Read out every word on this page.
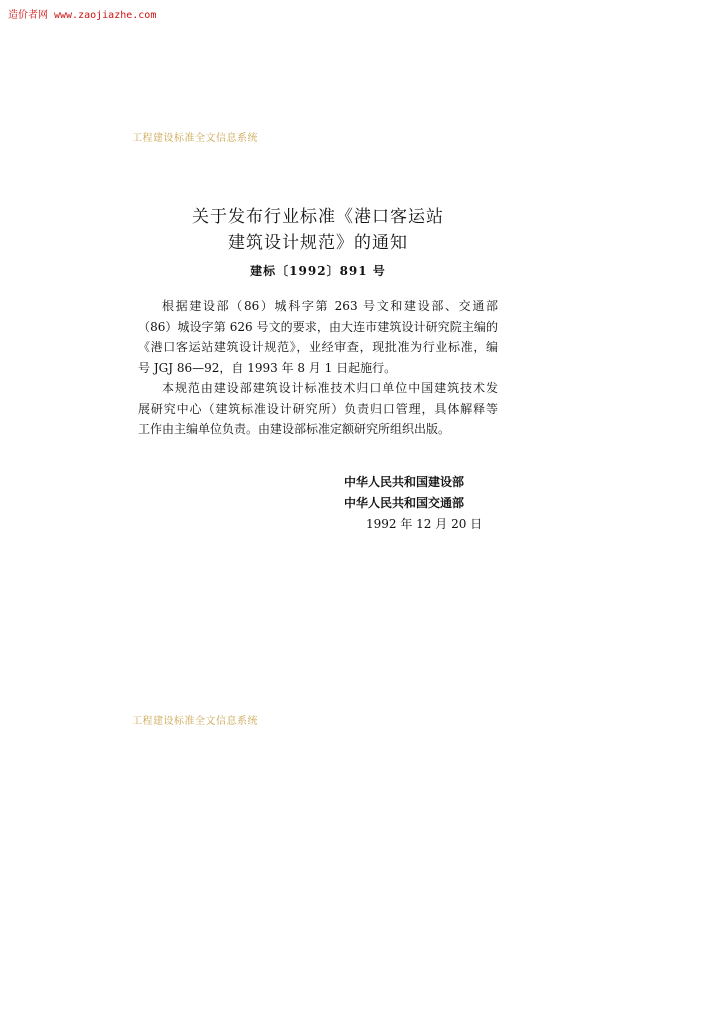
造价者网 www.zaojiazhe.com
工程建设标准全文信息系统
关于发布行业标准《港口客运站
建筑设计规范》的通知
建标〔1992〕891 号
根据建设部（86）城科字第 263 号文和建设部、交通部
（86）城设字第 626 号文的要求，由大连市建筑设计研究院主编的
《港口客运站建筑设计规范》，业经审查，现批准为行业标准，编
号 JGJ 86—92，自 1993 年 8 月 1 日起施行。
本规范由建设部建筑设计标准技术归口单位中国建筑技术发
展研究中心（建筑标准设计研究所）负责归口管理，具体解释等
工作由主编单位负责。由建设部标准定额研究所组织出版。
中华人民共和国建设部
中华人民共和国交通部
1992 年 12 月 20 日
工程建设标准全文信息系统
